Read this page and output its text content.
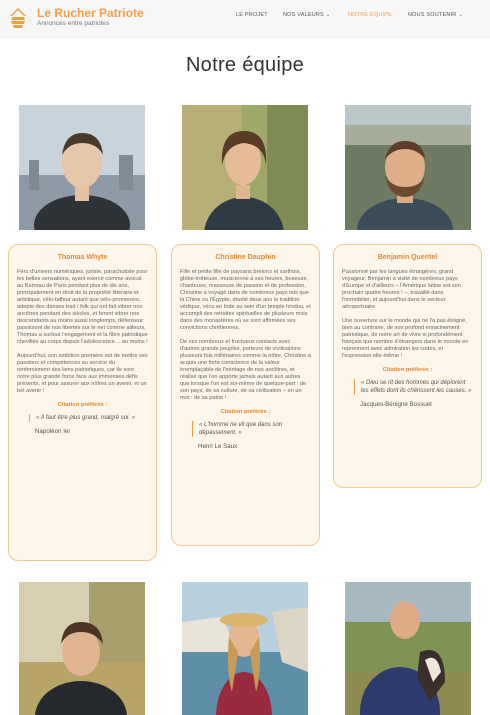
Le Rucher Patriote
Annonces entre patriotes
LE PROJET	NOS VALEURS ⌄	NOTRE ÉQUIPE	NOUS SOUTENIR ⌄
Notre équipe
Thomas Whyte

Féru d'univers numériques, juriste, parachutiste pour les belles sensations, ayant exercé comme avocat au Barreau de Paris pendant plus de dix ans, principalement en droit de la propriété littéraire et artistique, vélo-taffeur autant que vélo-promeneur, adepte des danses trad / folk qui ont fait vibrer nos ancêtres pendant des siècles, et feront vibrer nos descendants au moins aussi longtemps, défenseur passionné de nos libertés sur le net comme ailleurs, Thomas a surtout l'engagement et la fibre patriotique chevillés au corps depuis l'adolescence… au moins !

Aujourd'hui, son ambition première est de mettre ses passions et compétences au service du renforcement des liens patriotiques, car ils sont notre plus grande force face aux immenses défis présents, et pour assurer aux nôtres un avenir, et un bel avenir !

Citation préférée :
« Il faut être plus grand, malgré soi. »
Napoléon Ier
Christine Dauphin

Fille et petite fille de paysans bretons et sarthois, globe-trotteuse, musicienne à ses heures, boxeuse, chanteuse, masseuse de passion et de profession, Christine a voyagé dans de nombreux pays tels que la Chine ou l'Égypte, étudié deux ans la tradition védique, vécu en Inde au sein d'un temple hindou, et accompli des retraites spirituelles de plusieurs mois dans des monastères où se sont affirmées ses convictions chrétiennes.

De ces nombreux et fructueux contacts avec d'autres grands peuples, porteurs de civilisations plusieurs fois millénaires comme la nôtre, Christine a acquis une forte conscience de la valeur irremplaçable de l'héritage de nos ancêtres, et réalisé que l'on apporte jamais autant aux autres que lorsque l'on est soi-même de quelque-part : de son pays, de sa culture, de sa civilisation – en un mot : de sa patrie !

Citation préférée :
« L'homme ne vit que dans son dépassement. »
Henri Le Saux
Benjamin Quentel

Passionné par les langues étrangères, grand voyageur, Benjamin a visité de nombreux pays d'Europe et d'ailleurs – l'Amérique latine est son prochain quatre heures ! –, travaillé dans l'immobilier, et aujourd'hui dans le secteur aéroportuaire.

Une ouverture sur le monde qui ne l'a pas éloigné, bien au contraire, de son profond enracinement patriotique, de notre art de vivre si profondément français que nombre d'étrangers dans le monde en reprennent avec admiration les codes, et l'expression elle-même !

Citation préférée :
« Dieu se rit des hommes qui déplorent les effets dont ils chérissent les causes. »
Jacques-Bénigne Bossuet
